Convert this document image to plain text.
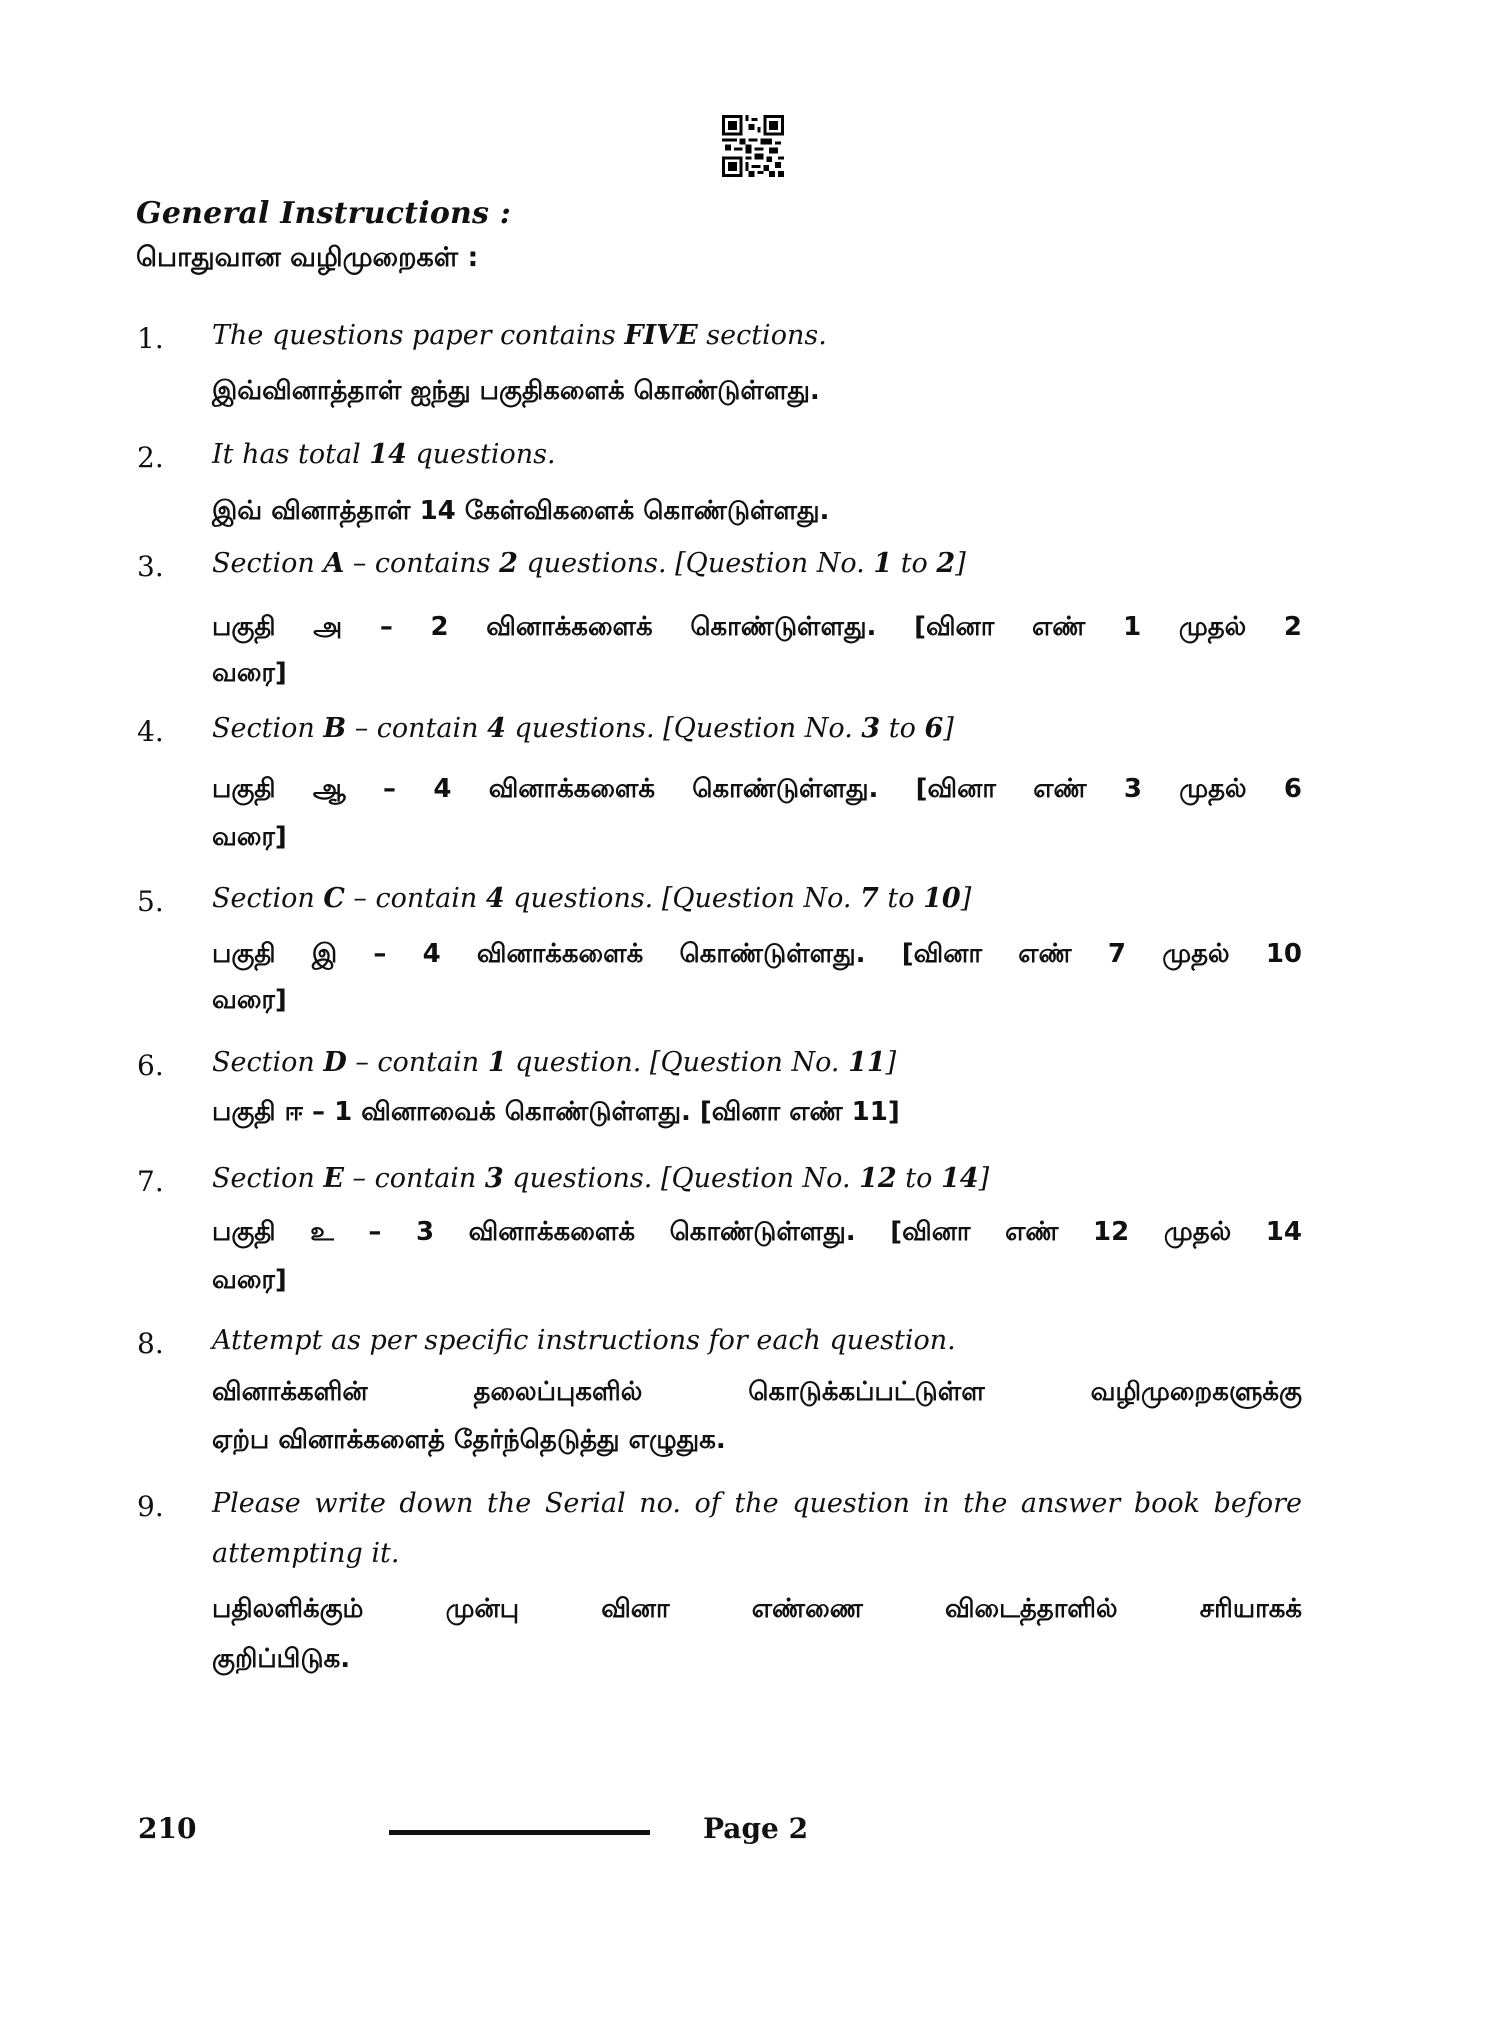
General Instructions :
பொதுவான வழிமுறைகள் :
1. The questions paper contains FIVE sections.
இவ்வினாத்தாள் ஐந்து பகுதிகளைக் கொண்டுள்ளது.
2. It has total 14 questions.
இவ் வினாத்தாள் 14 கேள்விகளைக் கொண்டுள்ளது.
3. Section A – contains 2 questions. [Question No. 1 to 2]
பகுதி அ – 2 வினாக்களைக் கொண்டுள்ளது. [வினா எண் 1 முதல் 2
வரை]
4. Section B – contain 4 questions. [Question No. 3 to 6]
பகுதி ஆ – 4 வினாக்களைக் கொண்டுள்ளது. [வினா எண் 3 முதல் 6
வரை]
5. Section C – contain 4 questions. [Question No. 7 to 10]
பகுதி இ – 4 வினாக்களைக் கொண்டுள்ளது. [வினா எண் 7 முதல் 10
வரை]
6. Section D – contain 1 question. [Question No. 11]
பகுதி ஈ – 1 வினாவைக் கொண்டுள்ளது. [வினா எண் 11]
7. Section E – contain 3 questions. [Question No. 12 to 14]
பகுதி உ – 3 வினாக்களைக் கொண்டுள்ளது. [வினா எண் 12 முதல் 14
வரை]
8. Attempt as per specific instructions for each question.
வினாக்களின் தலைப்புகளில் கொடுக்கப்பட்டுள்ள வழிமுறைகளுக்கு
ஏற்ப வினாக்களைத் தேர்ந்தெடுத்து எழுதுக.
9. Please write down the Serial no. of the question in the answer book before
attempting it.
பதிலளிக்கும் முன்பு வினா எண்ணை விடைத்தாளில் சரியாகக்
குறிப்பிடுக.
210	Page 2
